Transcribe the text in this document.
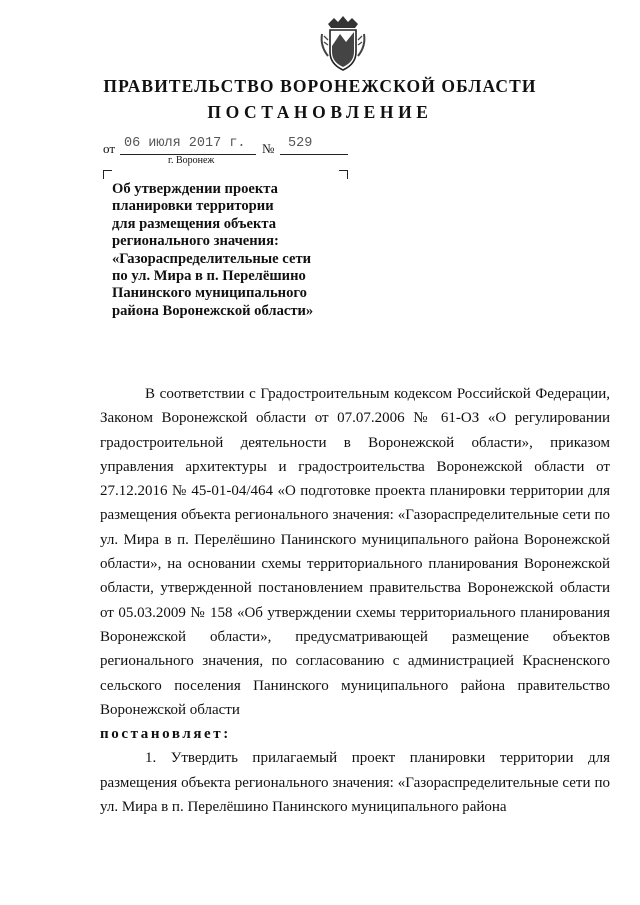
ПРАВИТЕЛЬСТВО ВОРОНЕЖСКОЙ ОБЛАСТИ
ПОСТАНОВЛЕНИЕ
от 06 июля 2017 г. № 529
г. Воронеж
Об утверждении проекта
планировки территории
для размещения объекта
регионального значения:
«Газораспределительные сети
по ул. Мира в п. Перелёшино
Панинского муниципального
района Воронежской области»

В соответствии с Градостроительным кодексом Российской Федерации, Законом Воронежской области от 07.07.2006 № 61-ОЗ «О регулировании градостроительной деятельности в Воронежской области», приказом управления архитектуры и градостроительства Воронежской области от 27.12.2016 № 45-01-04/464 «О подготовке проекта планировки территории для размещения объекта регионального значения: «Газораспределительные сети по ул. Мира в п. Перелёшино Панинского муниципального района Воронежской области», на основании схемы территориального планирования Воронежской области, утвержденной постановлением правительства Воронежской области от 05.03.2009 № 158 «Об утверждении схемы территориального планирования Воронежской области», предусматривающей размещение объектов регионального значения, по согласованию с администрацией Красненского сельского поселения Панинского муниципального района правительство Воронежской области

постановляет:

1. Утвердить прилагаемый проект планировки территории для размещения объекта регионального значения: «Газораспределительные сети по ул. Мира в п. Перелёшино Панинского муниципального района
